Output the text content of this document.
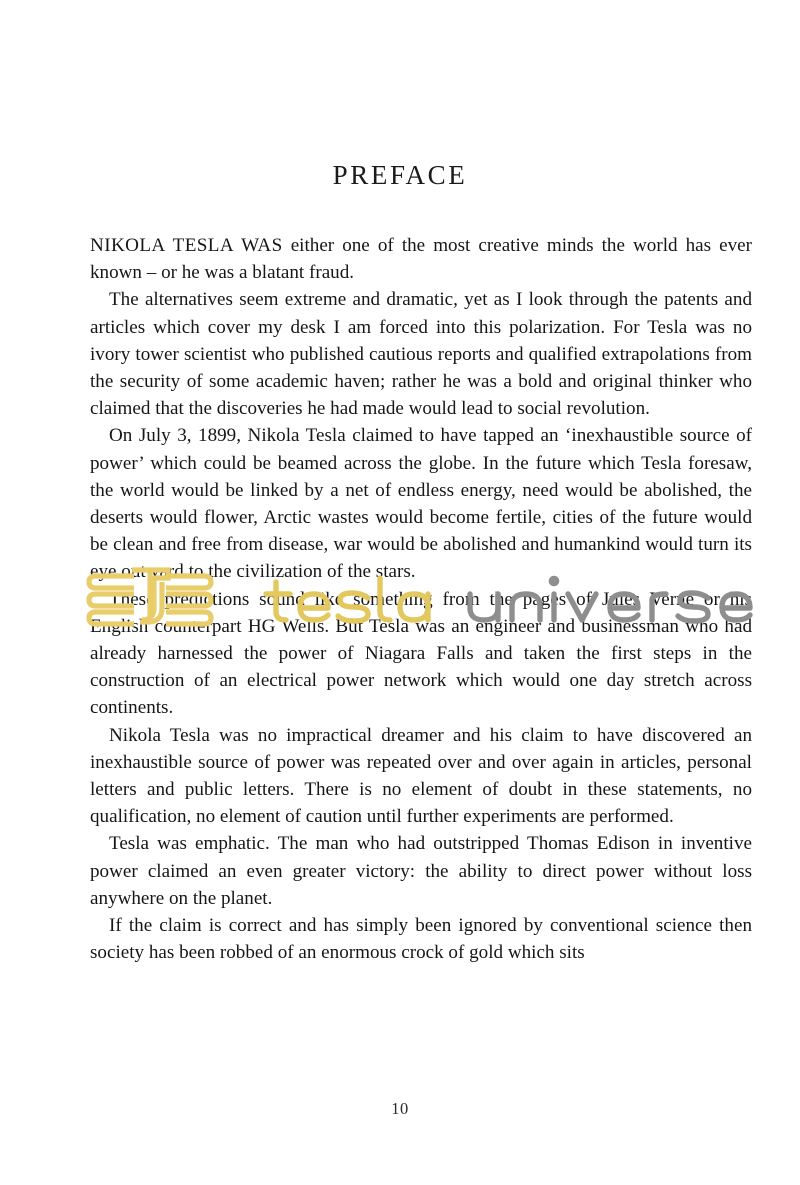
PREFACE

NIKOLA TESLA WAS either one of the most creative minds the world has ever known – or he was a blatant fraud.

The alternatives seem extreme and dramatic, yet as I look through the patents and articles which cover my desk I am forced into this polarization. For Tesla was no ivory tower scientist who published cautious reports and qualified extrapolations from the security of some academic haven; rather he was a bold and original thinker who claimed that the discoveries he had made would lead to social revolution.

On July 3, 1899, Nikola Tesla claimed to have tapped an ‘inexhaustible source of power’ which could be beamed across the globe. In the future which Tesla foresaw, the world would be linked by a net of endless energy, need would be abolished, the deserts would flower, Arctic wastes would become fertile, cities of the future would be clean and free from disease, war would be abolished and humankind would turn its eye outward to the civilization of the stars.

These predictions sound like something from the pages of Jules Verne or his English counterpart HG Wells. But Tesla was an engineer and businessman who had already harnessed the power of Niagara Falls and taken the first steps in the construction of an electrical power network which would one day stretch across continents.

Nikola Tesla was no impractical dreamer and his claim to have discovered an inexhaustible source of power was repeated over and over again in articles, personal letters and public letters. There is no element of doubt in these statements, no qualification, no element of caution until further experiments are performed.

Tesla was emphatic. The man who had outstripped Thomas Edison in inventive power claimed an even greater victory: the ability to direct power without loss anywhere on the planet.

If the claim is correct and has simply been ignored by conventional science then society has been robbed of an enormous crock of gold which sits

10
